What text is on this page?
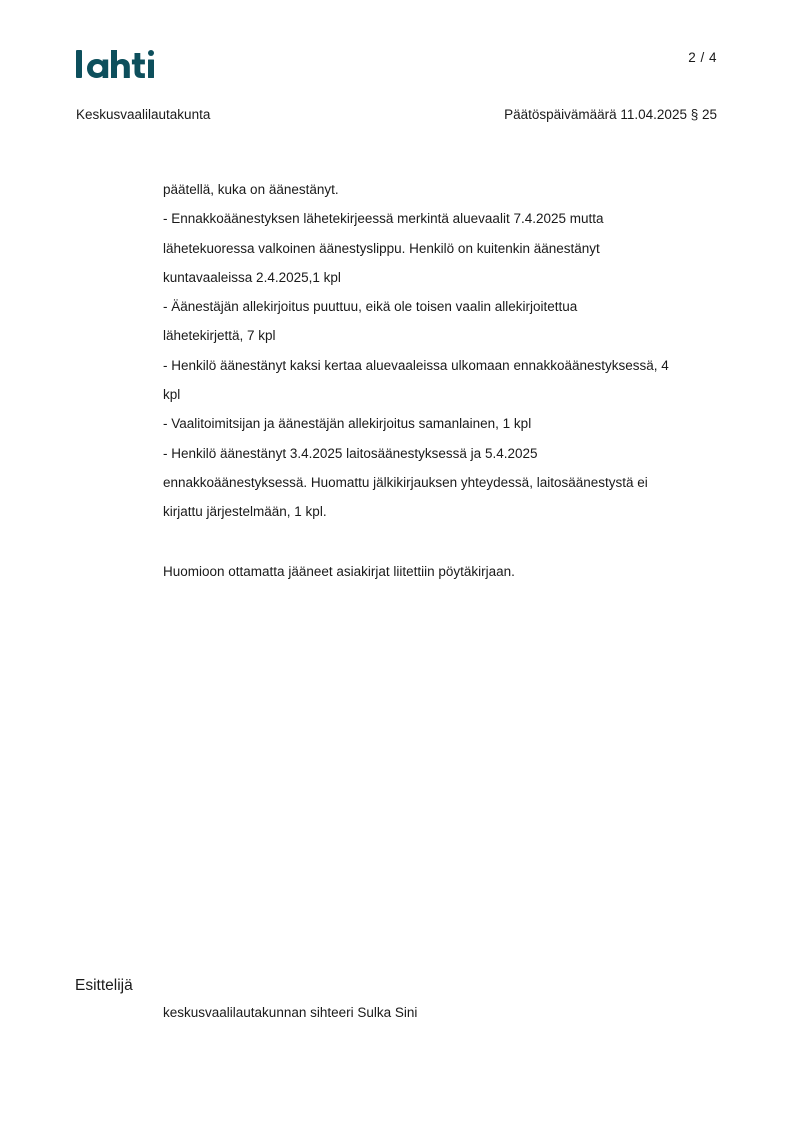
2 / 4
Keskusvaalilautakunta	Päätöspäivämäärä 11.04.2025 § 25
päätellä, kuka on äänestänyt.
- Ennakkoäänestyksen lähetekirjeessä merkintä aluevaalit 7.4.2025 mutta
lähetekuoressa valkoinen äänestyslippu. Henkilö on kuitenkin äänestänyt
kuntavaaleissa 2.4.2025,1 kpl
- Äänestäjän allekirjoitus puuttuu, eikä ole toisen vaalin allekirjoitettua
lähetekirjettä, 7 kpl
- Henkilö äänestänyt kaksi kertaa aluevaaleissa ulkomaan ennakkoäänestyksessä, 4
kpl
- Vaalitoimitsijan ja äänestäjän allekirjoitus samanlainen, 1 kpl
- Henkilö äänestänyt 3.4.2025 laitosäänestyksessä ja 5.4.2025
ennakkoäänestyksessä. Huomattu jälkikirjauksen yhteydessä, laitosäänestystä ei
kirjattu järjestelmään, 1 kpl.
Huomioon ottamatta jääneet asiakirjat liitettiin pöytäkirjaan.
Esittelijä
keskusvaalilautakunnan sihteeri Sulka Sini
